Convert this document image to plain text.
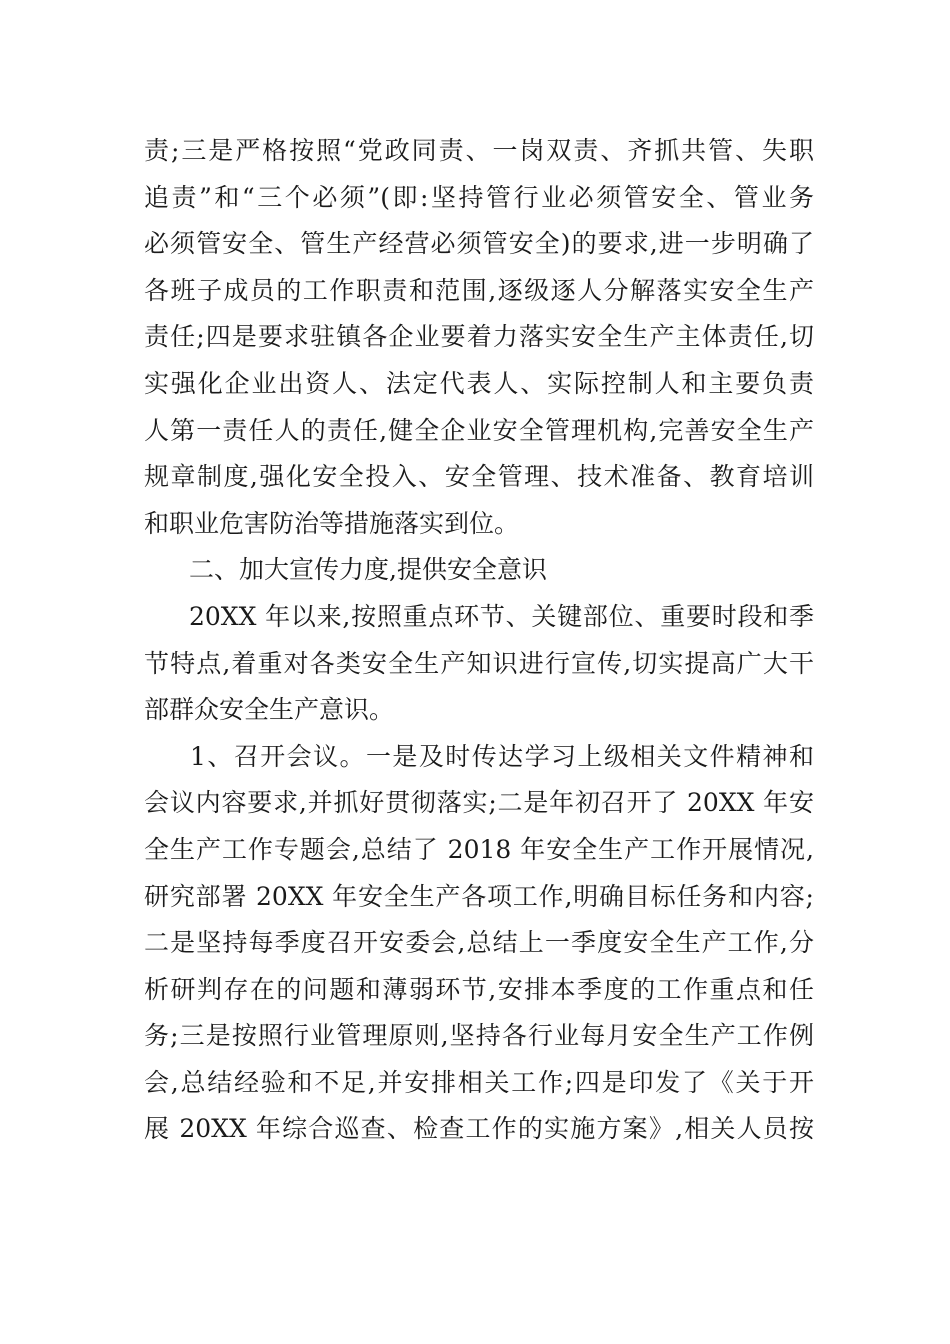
责;三是严格按照“党政同责、一岗双责、齐抓共管、失职
追责”和“三个必须”(即:坚持管行业必须管安全、管业务
必须管安全、管生产经营必须管安全)的要求,进一步明确了
各班子成员的工作职责和范围,逐级逐人分解落实安全生产
责任;四是要求驻镇各企业要着力落实安全生产主体责任,切
实强化企业出资人、法定代表人、实际控制人和主要负责
人第一责任人的责任,健全企业安全管理机构,完善安全生产
规章制度,强化安全投入、安全管理、技术准备、教育培训
和职业危害防治等措施落实到位。
二、加大宣传力度,提供安全意识
20XX 年以来,按照重点环节、关键部位、重要时段和季
节特点,着重对各类安全生产知识进行宣传,切实提高广大干
部群众安全生产意识。
1、召开会议。一是及时传达学习上级相关文件精神和
会议内容要求,并抓好贯彻落实;二是年初召开了 20XX 年安
全生产工作专题会,总结了 2018 年安全生产工作开展情况,
研究部署 20XX 年安全生产各项工作,明确目标任务和内容;
二是坚持每季度召开安委会,总结上一季度安全生产工作,分
析研判存在的问题和薄弱环节,安排本季度的工作重点和任
务;三是按照行业管理原则,坚持各行业每月安全生产工作例
会,总结经验和不足,并安排相关工作;四是印发了《关于开
展 20XX 年综合巡查、检查工作的实施方案》,相关人员按
